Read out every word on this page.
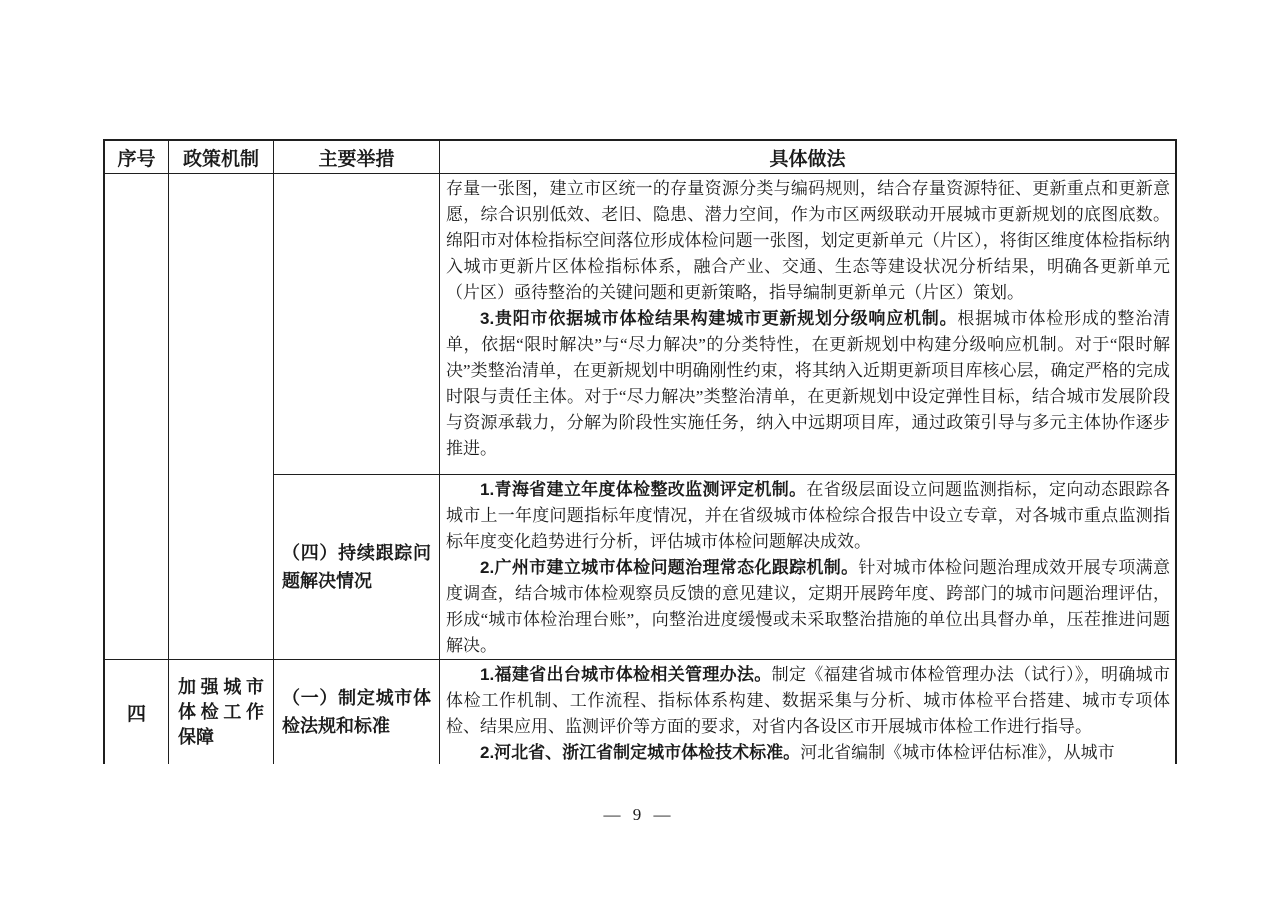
序号 政策机制	主要举措	具体做法

存量一张图，建立市区统一的存量资源分类与编码规则，结合存量资源特征、更新重点和更新意愿，综合识别低效、老旧、隐患、潜力空间，作为市区两级联动开展城市更新规划的底图底数。绵阳市对体检指标空间落位形成体检问题一张图，划定更新单元（片区），将街区维度体检指标纳入城市更新片区体检指标体系，融合产业、交通、生态等建设状况分析结果，明确各更新单元（片区）亟待整治的关键问题和更新策略，指导编制更新单元（片区）策划。

3.贵阳市依据城市体检结果构建城市更新规划分级响应机制。根据城市体检形成的整治清单，依据“限时解决”与“尽力解决”的分类特性，在更新规划中构建分级响应机制。对于“限时解决”类整治清单，在更新规划中明确刚性约束，将其纳入近期更新项目库核心层，确定严格的完成时限与责任主体。对于“尽力解决”类整治清单，在更新规划中设定弹性目标，结合城市发展阶段与资源承载力，分解为阶段性实施任务，纳入中远期项目库，通过政策引导与多元主体协作逐步推进。

（四）持续跟踪问题解决情况

1.青海省建立年度体检整改监测评定机制。在省级层面设立问题监测指标，定向动态跟踪各城市上一年度问题指标年度情况，并在省级城市体检综合报告中设立专章，对各城市重点监测指标年度变化趋势进行分析，评估城市体检问题解决成效。

2.广州市建立城市体检问题治理常态化跟踪机制。针对城市体检问题治理成效开展专项满意度调查，结合城市体检观察员反馈的意见建议，定期开展跨年度、跨部门的城市问题治理评估，形成“城市体检治理台账”，向整治进度缓慢或未采取整治措施的单位出具督办单，压茬推进问题解决。

四
加强城市体检工作保障
（一）制定城市体检法规和标准

1.福建省出台城市体检相关管理办法。制定《福建省城市体检管理办法（试行）》，明确城市体检工作机制、工作流程、指标体系构建、数据采集与分析、城市体检平台搭建、城市专项体检、结果应用、监测评价等方面的要求，对省内各设区市开展城市体检工作进行指导。

2.河北省、浙江省制定城市体检技术标准。河北省编制《城市体检评估标准》，从城市

— 9 —
